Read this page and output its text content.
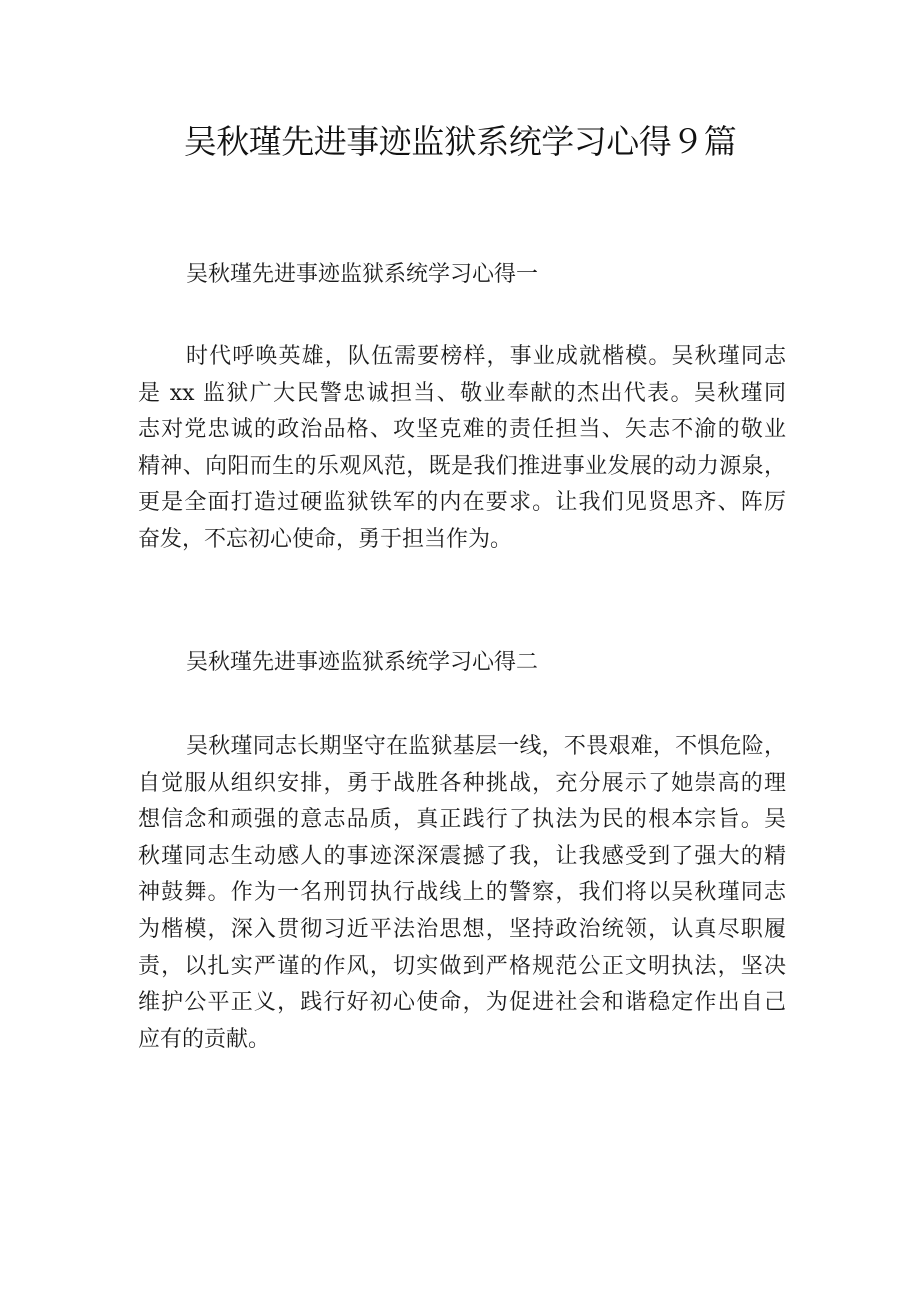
吴秋瑾先进事迹监狱系统学习心得９篇
吴秋瑾先进事迹监狱系统学习心得一
时代呼唤英雄，队伍需要榜样，事业成就楷模。吴秋瑾同志
是 xx 监狱广大民警忠诚担当、敬业奉献的杰出代表。吴秋瑾同
志对党忠诚的政治品格、攻坚克难的责任担当、矢志不渝的敬业
精神、向阳而生的乐观风范，既是我们推进事业发展的动力源泉，
更是全面打造过硬监狱铁军的内在要求。让我们见贤思齐、阵厉
奋发，不忘初心使命，勇于担当作为。
吴秋瑾先进事迹监狱系统学习心得二
吴秋瑾同志长期坚守在监狱基层一线，不畏艰难，不惧危险，
自觉服从组织安排，勇于战胜各种挑战，充分展示了她崇高的理
想信念和顽强的意志品质，真正践行了执法为民的根本宗旨。吴
秋瑾同志生动感人的事迹深深震撼了我，让我感受到了强大的精
神鼓舞。作为一名刑罚执行战线上的警察，我们将以吴秋瑾同志
为楷模，深入贯彻习近平法治思想，坚持政治统领，认真尽职履
责，以扎实严谨的作风，切实做到严格规范公正文明执法，坚决
维护公平正义，践行好初心使命，为促进社会和谐稳定作出自己
应有的贡献。
